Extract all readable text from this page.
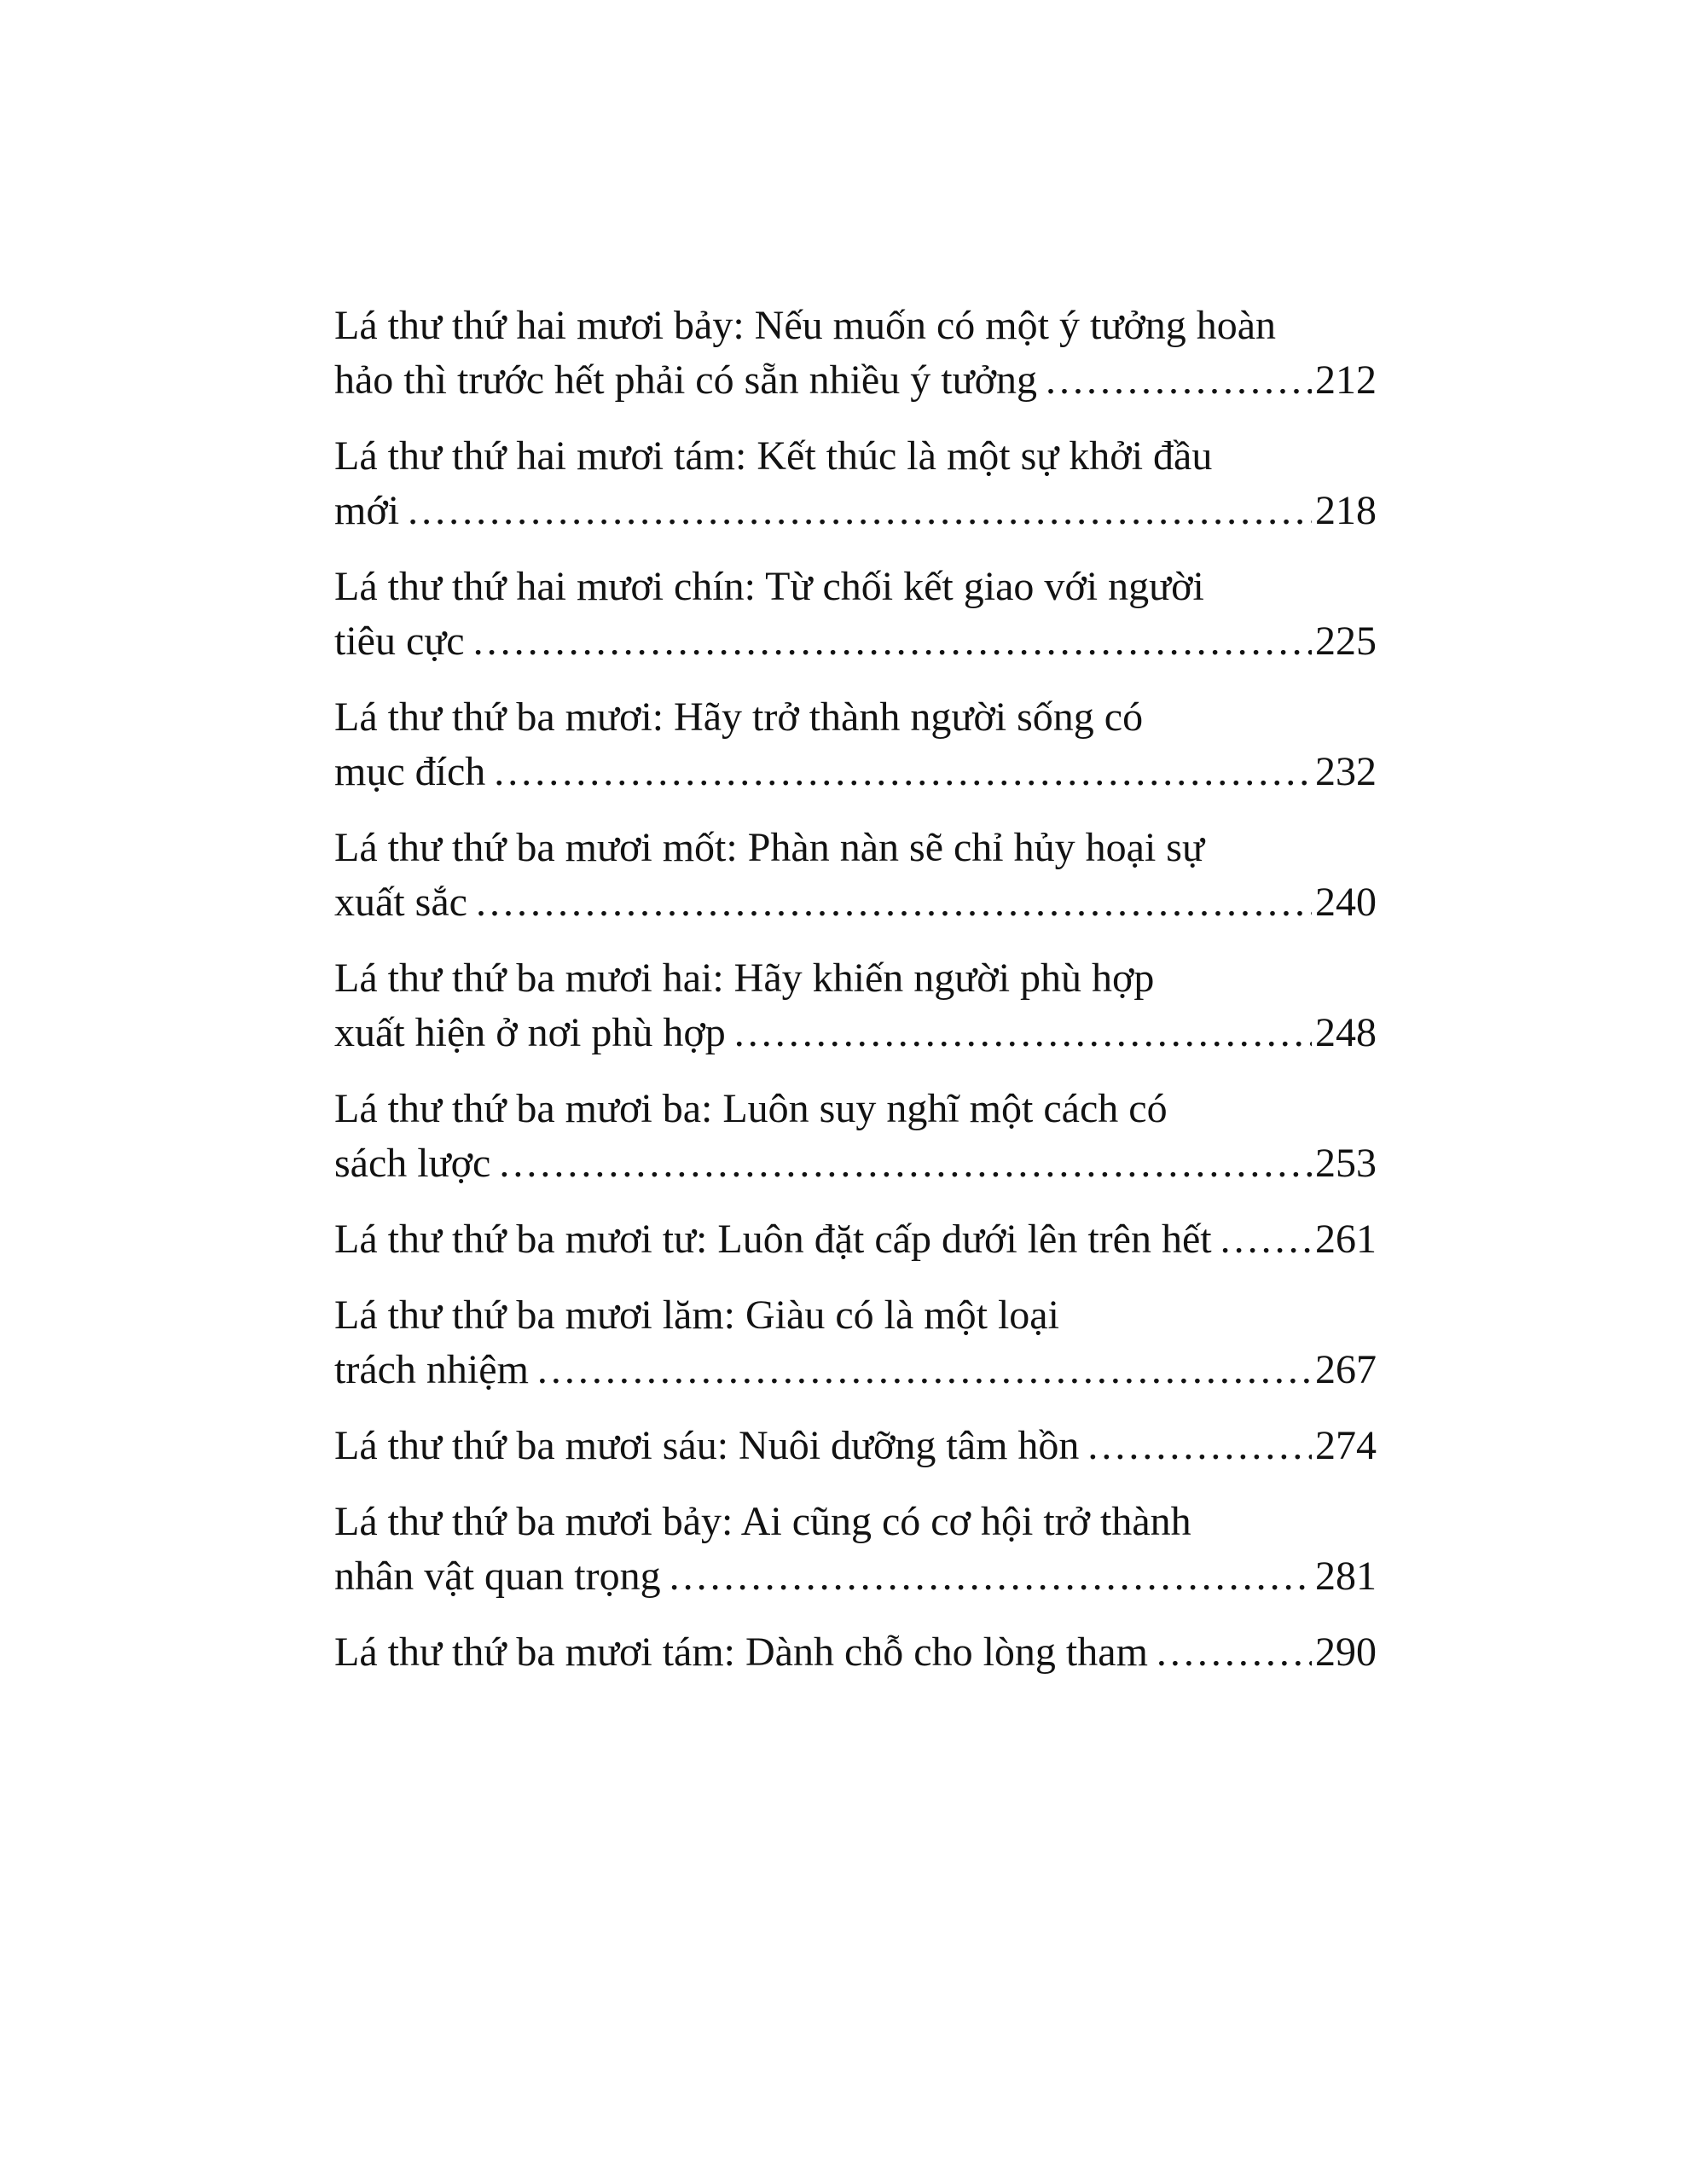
Lá thư thứ hai mươi bảy: Nếu muốn có một ý tưởng hoàn
hảo thì trước hết phải có sẵn nhiều ý tưởng .....	212
Lá thư thứ hai mươi tám: Kết thúc là một sự khởi đầu
mới .....	218
Lá thư thứ hai mươi chín: Từ chối kết giao với người
tiêu cực .....	225
Lá thư thứ ba mươi: Hãy trở thành người sống có
mục đích .....	232
Lá thư thứ ba mươi mốt: Phàn nàn sẽ chỉ hủy hoại sự
xuất sắc .....	240
Lá thư thứ ba mươi hai: Hãy khiến người phù hợp
xuất hiện ở nơi phù hợp .....	248
Lá thư thứ ba mươi ba: Luôn suy nghĩ một cách có
sách lược .....	253
Lá thư thứ ba mươi tư: Luôn đặt cấp dưới lên trên hết .....	261
Lá thư thứ ba mươi lăm: Giàu có là một loại
trách nhiệm .....	267
Lá thư thứ ba mươi sáu: Nuôi dưỡng tâm hồn .....	274
Lá thư thứ ba mươi bảy: Ai cũng có cơ hội trở thành
nhân vật quan trọng .....	281
Lá thư thứ ba mươi tám: Dành chỗ cho lòng tham .....	290
